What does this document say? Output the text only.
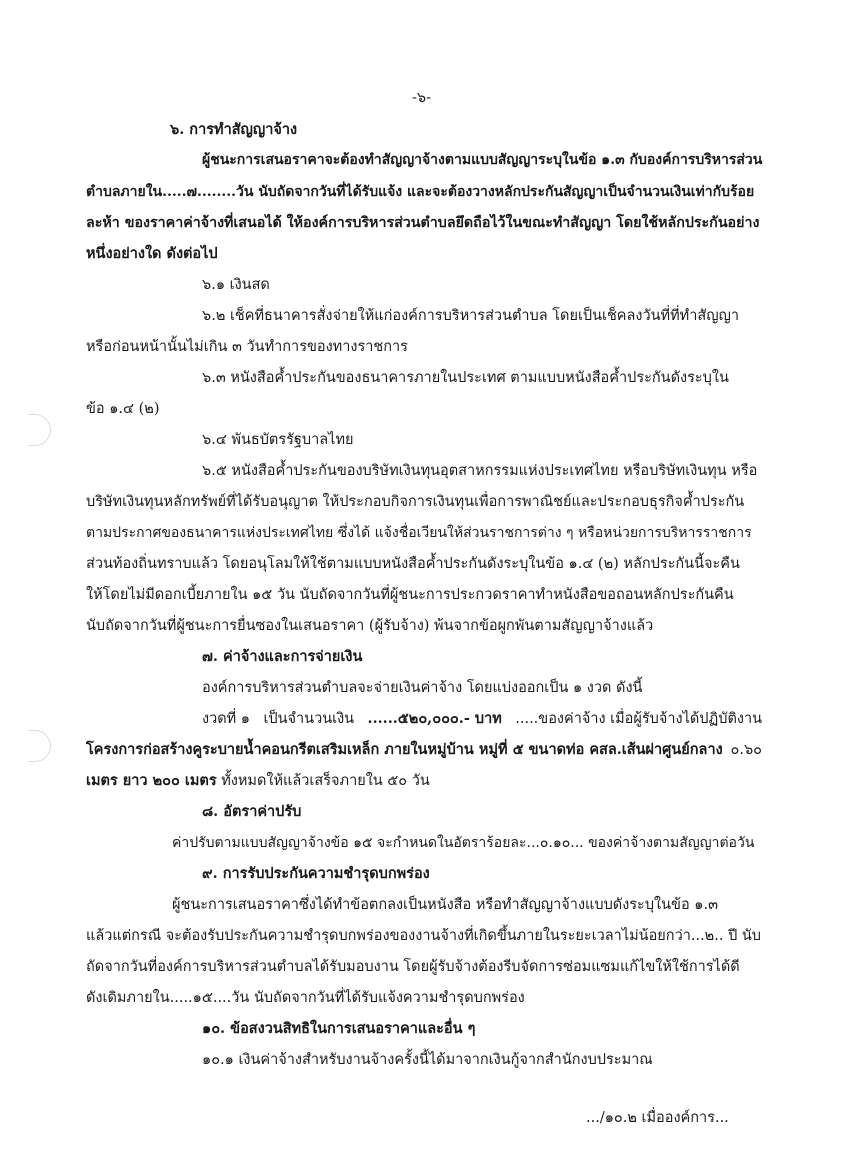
-๖-
๖. การทำสัญญาจ้าง
ผู้ชนะการเสนอราคาจะต้องทำสัญญาจ้างตามแบบสัญญาระบุในข้อ ๑.๓ กับองค์การบริหารส่วน
ตำบลภายใน.....๗........วัน นับถัดจากวันที่ได้รับแจ้ง และจะต้องวางหลักประกันสัญญาเป็นจำนวนเงินเท่ากับร้อย
ละห้า ของราคาค่าจ้างที่เสนอได้ ให้องค์การบริหารส่วนตำบลยึดถือไว้ในขณะทำสัญญา โดยใช้หลักประกันอย่าง
หนึ่งอย่างใด ดังต่อไป
๖.๑ เงินสด
๖.๒ เช็คที่ธนาคารสั่งจ่ายให้แก่องค์การบริหารส่วนตำบล โดยเป็นเช็คลงวันที่ที่ทำสัญญา
หรือก่อนหน้านั้นไม่เกิน ๓ วันทำการของทางราชการ
๖.๓ หนังสือค้ำประกันของธนาคารภายในประเทศ ตามแบบหนังสือค้ำประกันดังระบุใน
ข้อ ๑.๔ (๒)
๖.๔ พันธบัตรรัฐบาลไทย
๖.๕ หนังสือค้ำประกันของบริษัทเงินทุนอุตสาหกรรมแห่งประเทศไทย หรือบริษัทเงินทุน หรือ
บริษัทเงินทุนหลักทรัพย์ที่ได้รับอนุญาต ให้ประกอบกิจการเงินทุนเพื่อการพาณิชย์และประกอบธุรกิจค้ำประกัน
ตามประกาศของธนาคารแห่งประเทศไทย ซึ่งได้ แจ้งชื่อเวียนให้ส่วนราชการต่าง ๆ หรือหน่วยการบริหารราชการ
ส่วนท้องถิ่นทราบแล้ว โดยอนุโลมให้ใช้ตามแบบหนังสือค้ำประกันดังระบุในข้อ ๑.๔ (๒) หลักประกันนี้จะคืน
ให้โดยไม่มีดอกเบี้ยภายใน ๑๕ วัน นับถัดจากวันที่ผู้ชนะการประกวดราคาทำหนังสือขอถอนหลักประกันคืน
นับถัดจากวันที่ผู้ชนะการยื่นซองในเสนอราคา (ผู้รับจ้าง) พ้นจากข้อผูกพันตามสัญญาจ้างแล้ว
๗. ค่าจ้างและการจ่ายเงิน
องค์การบริหารส่วนตำบลจะจ่ายเงินค่าจ้าง โดยแบ่งออกเป็น ๑ งวด ดังนี้
งวดที่ ๑ เป็นจำนวนเงิน ......๕๒๐,๐๐๐.- บาท .....ของค่าจ้าง เมื่อผู้รับจ้างได้ปฏิบัติงาน
โครงการก่อสร้างคูระบายน้ำคอนกรีตเสริมเหล็ก ภายในหมู่บ้าน หมู่ที่ ๕ ขนาดท่อ คสล.เส้นผ่าศูนย์กลาง ๐.๖๐
เมตร ยาว ๒๐๐ เมตร ทั้งหมดให้แล้วเสร็จภายใน ๕๐ วัน
๘. อัตราค่าปรับ
ค่าปรับตามแบบสัญญาจ้างข้อ ๑๕ จะกำหนดในอัตราร้อยละ...๐.๑๐... ของค่าจ้างตามสัญญาต่อวัน
๙. การรับประกันความชำรุดบกพร่อง
ผู้ชนะการเสนอราคาซึ่งได้ทำข้อตกลงเป็นหนังสือ หรือทำสัญญาจ้างแบบดังระบุในข้อ ๑.๓
แล้วแต่กรณี จะต้องรับประกันความชำรุดบกพร่องของงานจ้างที่เกิดขึ้นภายในระยะเวลาไม่น้อยกว่า...๒.. ปี นับ
ถัดจากวันที่องค์การบริหารส่วนตำบลได้รับมอบงาน โดยผู้รับจ้างต้องรีบจัดการซ่อมแซมแก้ไขให้ใช้การได้ดี
ดังเดิมภายใน.....๑๕....วัน นับถัดจากวันที่ได้รับแจ้งความชำรุดบกพร่อง
๑๐. ข้อสงวนสิทธิในการเสนอราคาและอื่น ๆ
๑๐.๑ เงินค่าจ้างสำหรับงานจ้างครั้งนี้ได้มาจากเงินกู้จากสำนักงบประมาณ
.../๑๐.๒ เมื่อองค์การ...
